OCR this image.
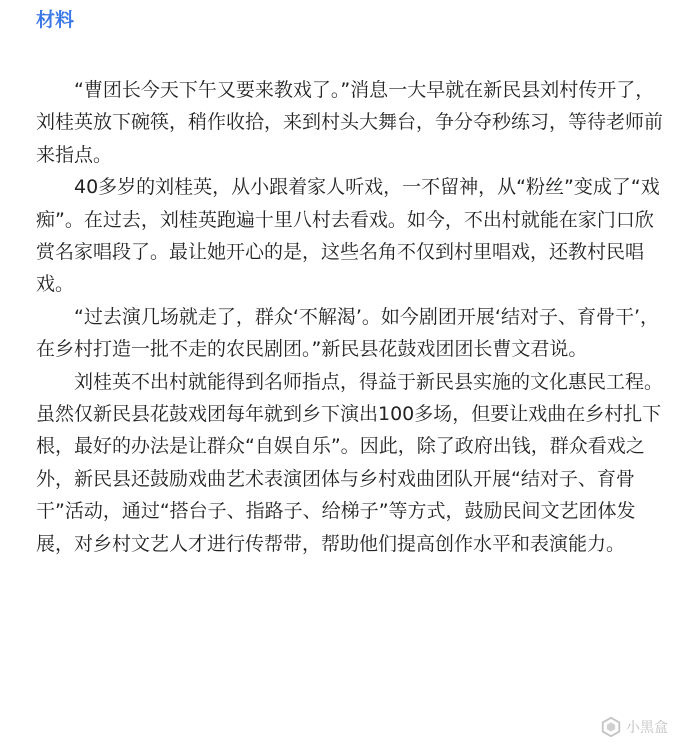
材料

“曹团长今天下午又要来教戏了。”消息一大早就在新民县刘村传开了，刘桂英放下碗筷，稍作收拾，来到村头大舞台，争分夺秒练习，等待老师前来指点。

40多岁的刘桂英，从小跟着家人听戏，一不留神，从“粉丝”变成了“戏痴”。在过去，刘桂英跑遍十里八村去看戏。如今，不出村就能在家门口欣赏名家唱段了。最让她开心的是，这些名角不仅到村里唱戏，还教村民唱戏。

“过去演几场就走了，群众‘不解渴’。如今剧团开展‘结对子、育骨干’，在乡村打造一批不走的农民剧团。”新民县花鼓戏团团长曹文君说。

刘桂英不出村就能得到名师指点，得益于新民县实施的文化惠民工程。虽然仅新民县花鼓戏团每年就到乡下演出100多场，但要让戏曲在乡村扎下根，最好的办法是让群众“自娱自乐”。因此，除了政府出钱，群众看戏之外，新民县还鼓励戏曲艺术表演团体与乡村戏曲团队开展“结对子、育骨干”活动，通过“搭台子、指路子、给梯子”等方式，鼓励民间文艺团体发展，对乡村文艺人才进行传帮带，帮助他们提高创作水平和表演能力。

小黑盒
